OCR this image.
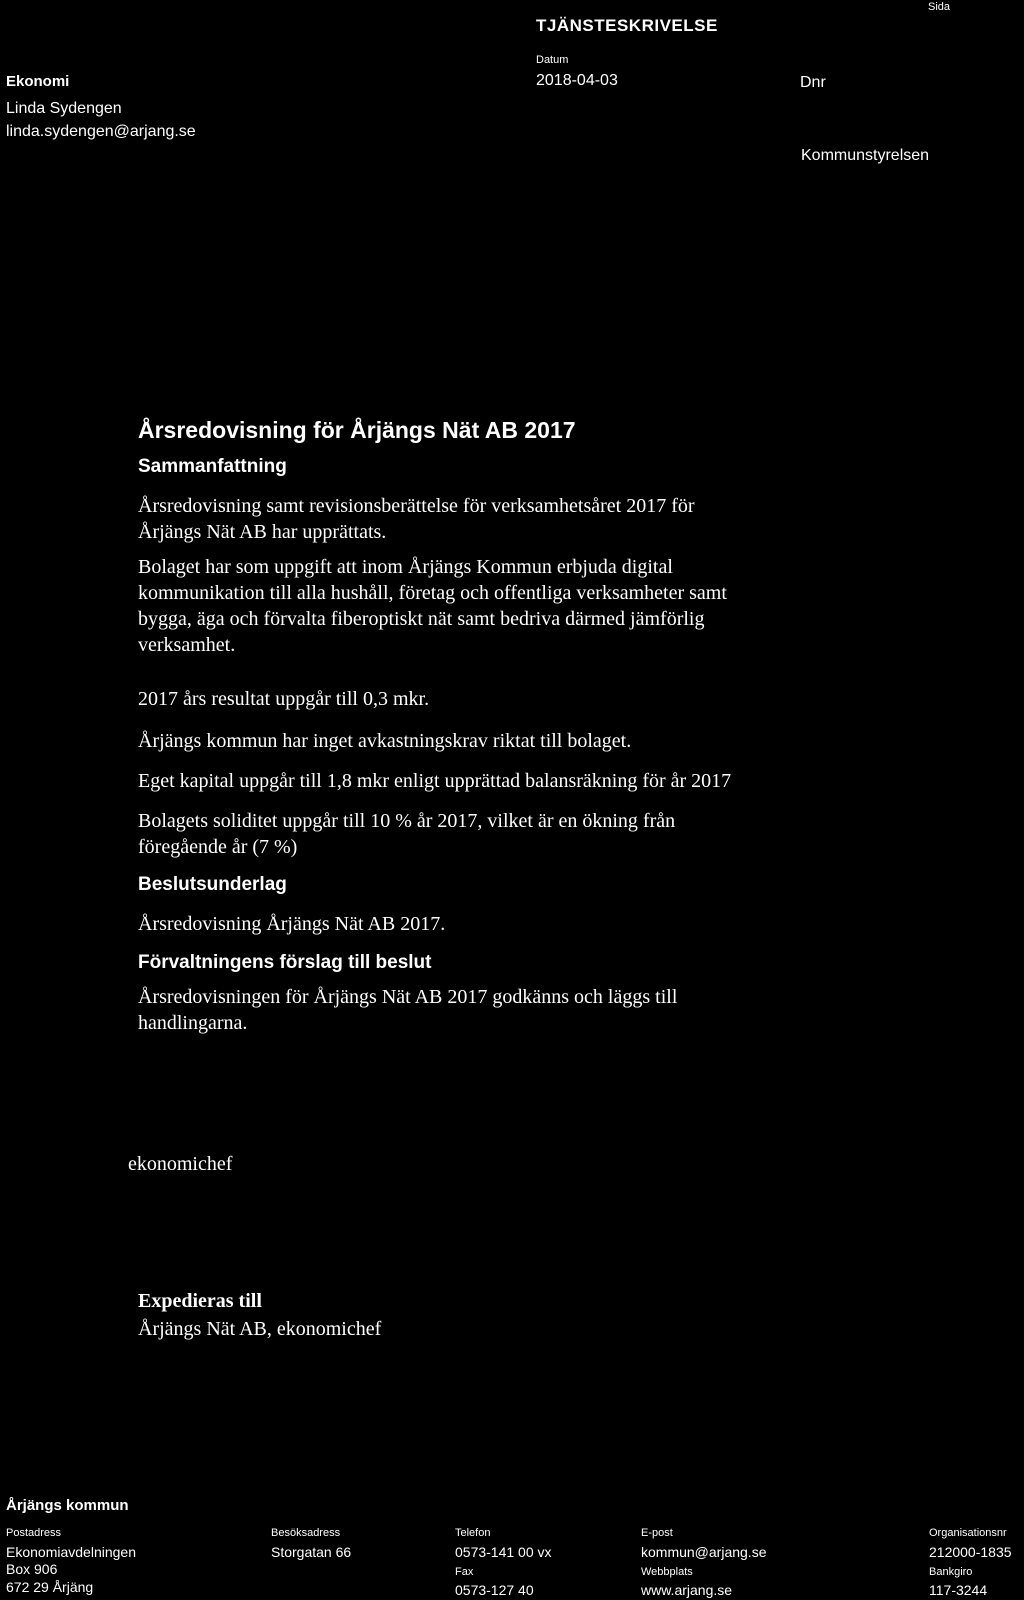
TJÄNSTESKRIVELSE
Sida
Ekonomi
Linda Sydengen
linda.sydengen@arjang.se
Datum
2018-04-03	Dnr
Kommunstyrelsen
Årsredovisning för Årjängs Nät AB 2017
Sammanfattning
Årsredovisning samt revisionsberättelse för verksamhetsåret 2017 för
Årjängs Nät AB har upprättats.
Bolaget har som uppgift att inom Årjängs Kommun erbjuda digital
kommunikation till alla hushåll, företag och offentliga verksamheter samt
bygga, äga och förvalta fiberoptiskt nät samt bedriva därmed jämförlig
verksamhet.
2017 års resultat uppgår till 0,3 mkr.
Årjängs kommun har inget avkastningskrav riktat till bolaget.
Eget kapital uppgår till 1,8 mkr enligt upprättad balansräkning för år 2017
Bolagets soliditet uppgår till 10 % år 2017, vilket är en ökning från
föregående år (7 %)
Beslutsunderlag
Årsredovisning Årjängs Nät AB 2017.
Förvaltningens förslag till beslut
Årsredovisningen för Årjängs Nät AB 2017 godkänns och läggs till
handlingarna.
ekonomichef
Expedieras till
Årjängs Nät AB, ekonomichef
Årjängs kommun
Postadress
Ekonomiavdelningen
Box 906
672 29 Årjäng
Besöksadress
Storgatan 66
Telefon
0573-141 00 vx
Fax
0573-127 40
E-post
kommun@arjang.se
Webbplats
www.arjang.se
Organisationsnr
212000-1835
Bankgiro
117-3244
